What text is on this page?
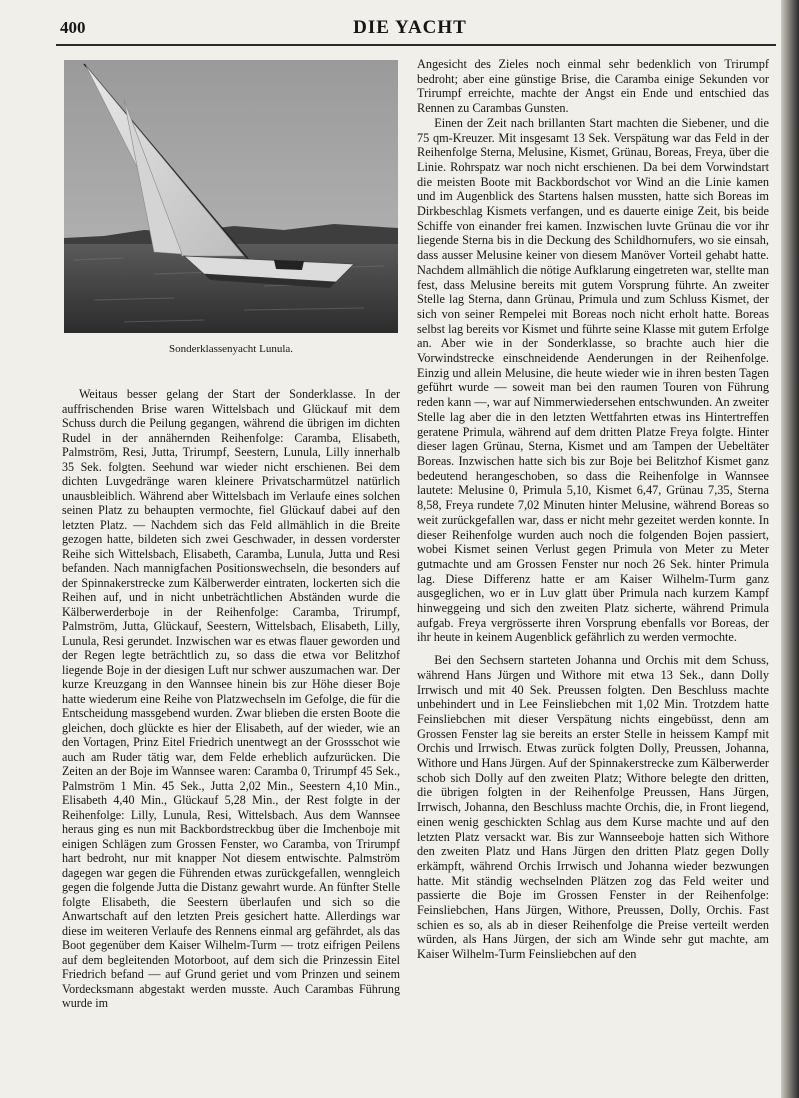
400	DIE YACHT

Sonderklassenyacht Lunula.

Weitaus besser gelang der Start der Sonderklasse. In der auffrischenden Brise waren Wittelsbach und Glückauf mit dem Schuss durch die Peilung gegangen, während die übrigen im dichten Rudel in der annähernden Reihenfolge: Caramba, Elisabeth, Palmström, Resi, Jutta, Trirumpf, Seestern, Lunula, Lilly innerhalb 35 Sek. folgten. Seehund war wieder nicht erschienen. Bei dem dichten Luvgedränge waren kleinere Privatscharmützel natürlich unausbleiblich. Während aber Wittelsbach im Verlaufe eines solchen seinen Platz zu behaupten vermochte, fiel Glückauf dabei auf den letzten Platz. — Nachdem sich das Feld allmählich in die Breite gezogen hatte, bildeten sich zwei Geschwader, in dessen vorderster Reihe sich Wittelsbach, Elisabeth, Caramba, Lunula, Jutta und Resi befanden. Nach mannigfachen Positionswechseln, die besonders auf der Spinnakerstrecke zum Kälberwerder eintraten, lockerten sich die Reihen auf, und in nicht unbeträchtlichen Abständen wurde die Kälberwerderboje in der Reihenfolge: Caramba, Trirumpf, Palmström, Jutta, Glückauf, Seestern, Wittelsbach, Elisabeth, Lilly, Lunula, Resi gerundet. Inzwischen war es etwas flauer geworden und der Regen legte beträchtlich zu, so dass die etwa vor Belitzhof liegende Boje in der diesigen Luft nur schwer auszumachen war. Der kurze Kreuzgang in den Wannsee hinein bis zur Höhe dieser Boje hatte wiederum eine Reihe von Platzwechseln im Gefolge, die für die Entscheidung massgebend wurden. Zwar blieben die ersten Boote die gleichen, doch glückte es hier der Elisabeth, auf der wieder, wie an den Vortagen, Prinz Eitel Friedrich unentwegt an der Grossschot wie auch am Ruder tätig war, dem Felde erheblich aufzurücken. Die Zeiten an der Boje im Wannsee waren: Caramba 0, Trirumpf 45 Sek., Palmström 1 Min. 45 Sek., Jutta 2,02 Min., Seestern 4,10 Min., Elisabeth 4,40 Min., Glückauf 5,28 Min., der Rest folgte in der Reihenfolge: Lilly, Lunula, Resi, Wittelsbach. Aus dem Wannsee heraus ging es nun mit Backbordstreckbug über die Imchenboje mit einigen Schlägen zum Grossen Fenster, wo Caramba, von Trirumpf hart bedroht, nur mit knapper Not diesem entwischte. Palmström dagegen war gegen die Führenden etwas zurückgefallen, wenngleich gegen die folgende Jutta die Distanz gewahrt wurde. An fünfter Stelle folgte Elisabeth, die Seestern überlaufen und sich so die Anwartschaft auf den letzten Preis gesichert hatte. Allerdings war diese im weiteren Verlaufe des Rennens einmal arg gefährdet, als das Boot gegenüber dem Kaiser Wilhelm-Turm — trotz eifrigen Peilens auf dem begleitenden Motorboot, auf dem sich die Prinzessin Eitel Friedrich befand — auf Grund geriet und vom Prinzen und seinem Vordecksmann abgestakt werden musste. Auch Carambas Führung wurde im

Angesicht des Zieles noch einmal sehr bedenklich von Trirumpf bedroht; aber eine günstige Brise, die Caramba einige Sekunden vor Trirumpf erreichte, machte der Angst ein Ende und entschied das Rennen zu Carambas Gunsten.

Einen der Zeit nach brillanten Start machten die Siebener, und die 75 qm-Kreuzer. Mit insgesamt 13 Sek. Verspätung war das Feld in der Reihenfolge Sterna, Melusine, Kismet, Grünau, Boreas, Freya, über die Linie. Rohrspatz war noch nicht erschienen. Da bei dem Vorwindstart die meisten Boote mit Backbordschot vor Wind an die Linie kamen und im Augenblick des Startens halsen mussten, hatte sich Boreas im Dirkbeschlag Kismets verfangen, und es dauerte einige Zeit, bis beide Schiffe von einander frei kamen. Inzwischen luvte Grünau die vor ihr liegende Sterna bis in die Deckung des Schildhornufers, wo sie einsah, dass ausser Melusine keiner von diesem Manöver Vorteil gehabt hatte. Nachdem allmählich die nötige Aufklarung eingetreten war, stellte man fest, dass Melusine bereits mit gutem Vorsprung führte. An zweiter Stelle lag Sterna, dann Grünau, Primula und zum Schluss Kismet, der sich von seiner Rempelei mit Boreas noch nicht erholt hatte. Boreas selbst lag bereits vor Kismet und führte seine Klasse mit gutem Erfolge an. Aber wie in der Sonderklasse, so brachte auch hier die Vorwindstrecke einschneidende Aenderungen in der Reihenfolge. Einzig und allein Melusine, die heute wieder wie in ihren besten Tagen geführt wurde — soweit man bei den raumen Touren von Führung reden kann —, war auf Nimmerwiedersehen entschwunden. An zweiter Stelle lag aber die in den letzten Wettfahrten etwas ins Hintertreffen geratene Primula, während auf dem dritten Platze Freya folgte. Hinter dieser lagen Grünau, Sterna, Kismet und am Tampen der Uebeltäter Boreas. Inzwischen hatte sich bis zur Boje bei Belitzhof Kismet ganz bedeutend herangeschoben, so dass die Reihenfolge in Wannsee lautete: Melusine 0, Primula 5,10, Kismet 6,47, Grünau 7,35, Sterna 8,58, Freya rundete 7,02 Minuten hinter Melusine, während Boreas so weit zurückgefallen war, dass er nicht mehr gezeitet werden konnte. In dieser Reihenfolge wurden auch noch die folgenden Bojen passiert, wobei Kismet seinen Verlust gegen Primula von Meter zu Meter gutmachte und am Grossen Fenster nur noch 26 Sek. hinter Primula lag. Diese Differenz hatte er am Kaiser Wilhelm-Turm ganz ausgeglichen, wo er in Luv glatt über Primula nach kurzem Kampf hinweggeing und sich den zweiten Platz sicherte, während Primula aufgab. Freya vergrösserte ihren Vorsprung ebenfalls vor Boreas, der ihr heute in keinem Augenblick gefährlich zu werden vermochte.

Bei den Sechsern starteten Johanna und Orchis mit dem Schuss, während Hans Jürgen und Withore mit etwa 13 Sek., dann Dolly Irrwisch und mit 40 Sek. Preussen folgten. Den Beschluss machte unbehindert und in Lee Feinsliebchen mit 1,02 Min. Trotzdem hatte Feinsliebchen mit dieser Verspätung nichts eingebüsst, denn am Grossen Fenster lag sie bereits an erster Stelle in heissem Kampf mit Orchis und Irrwisch. Etwas zurück folgten Dolly, Preussen, Johanna, Withore und Hans Jürgen. Auf der Spinnakerstrecke zum Kälberwerder schob sich Dolly auf den zweiten Platz; Withore belegte den dritten, die übrigen folgten in der Reihenfolge Preussen, Hans Jürgen, Irrwisch, Johanna, den Beschluss machte Orchis, die, in Front liegend, einen wenig geschickten Schlag aus dem Kurse machte und auf den letzten Platz versackt war. Bis zur Wannseeboje hatten sich Withore den zweiten Platz und Hans Jürgen den dritten Platz gegen Dolly erkämpft, während Orchis Irrwisch und Johanna wieder bezwungen hatte. Mit ständig wechselnden Plätzen zog das Feld weiter und passierte die Boje im Grossen Fenster in der Reihenfolge: Feinsliebchen, Hans Jürgen, Withore, Preussen, Dolly, Orchis. Fast schien es so, als ab in dieser Reihenfolge die Preise verteilt werden würden, als Hans Jürgen, der sich am Winde sehr gut machte, am Kaiser Wilhelm-Turm Feinsliebchen auf den
